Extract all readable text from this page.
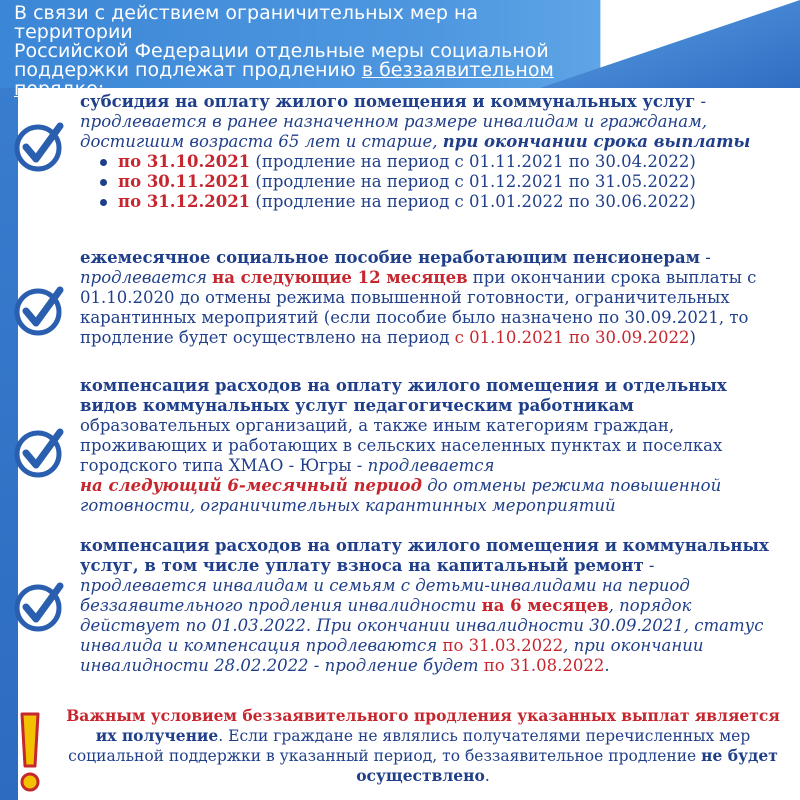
В связи с действием ограничительных мер на территории
Российской Федерации отдельные меры социальной
поддержки подлежат продлению в беззаявительном
порядке:
субсидия на оплату жилого помещения и коммунальных услуг - продлевается в ранее назначенном размере инвалидам и гражданам, достигшим возраста 65 лет и старше, при окончании срока выплаты
по 31.10.2021 (продление на период с 01.11.2021 по 30.04.2022)
по 30.11.2021 (продление на период с 01.12.2021 по 31.05.2022)
по 31.12.2021 (продление на период с 01.01.2022 по 30.06.2022)
ежемесячное социальное пособие неработающим пенсионерам - продлевается на следующие 12 месяцев при окончании срока выплаты с 01.10.2020 до отмены режима повышенной готовности, ограничительных карантинных мероприятий (если пособие было назначено по 30.09.2021, то продление будет осуществлено на период с 01.10.2021 по 30.09.2022)
компенсация расходов на оплату жилого помещения и отдельных видов коммунальных услуг педагогическим работникам образовательных организаций, а также иным категориям граждан, проживающих и работающих в сельских населенных пунктах и поселках городского типа ХМАО - Югры - продлевается
на следующий 6-месячный период до отмены режима повышенной готовности, ограничительных карантинных мероприятий
компенсация расходов на оплату жилого помещения и коммунальных услуг, в том числе уплату взноса на капитальный ремонт - продлевается инвалидам и семьям с детьми-инвалидами на период беззаявительного продления инвалидности на 6 месяцев, порядок действует по 01.03.2022. При окончании инвалидности 30.09.2021, статус инвалида и компенсация продлеваются по 31.03.2022, при окончании инвалидности 28.02.2022 - продление будет по 31.08.2022.
Важным условием беззаявительного продления указанных выплат является
их получение. Если граждане не являлись получателями перечисленных мер социальной поддержки в указанный период, то беззаявительное продление не будет осуществлено.
